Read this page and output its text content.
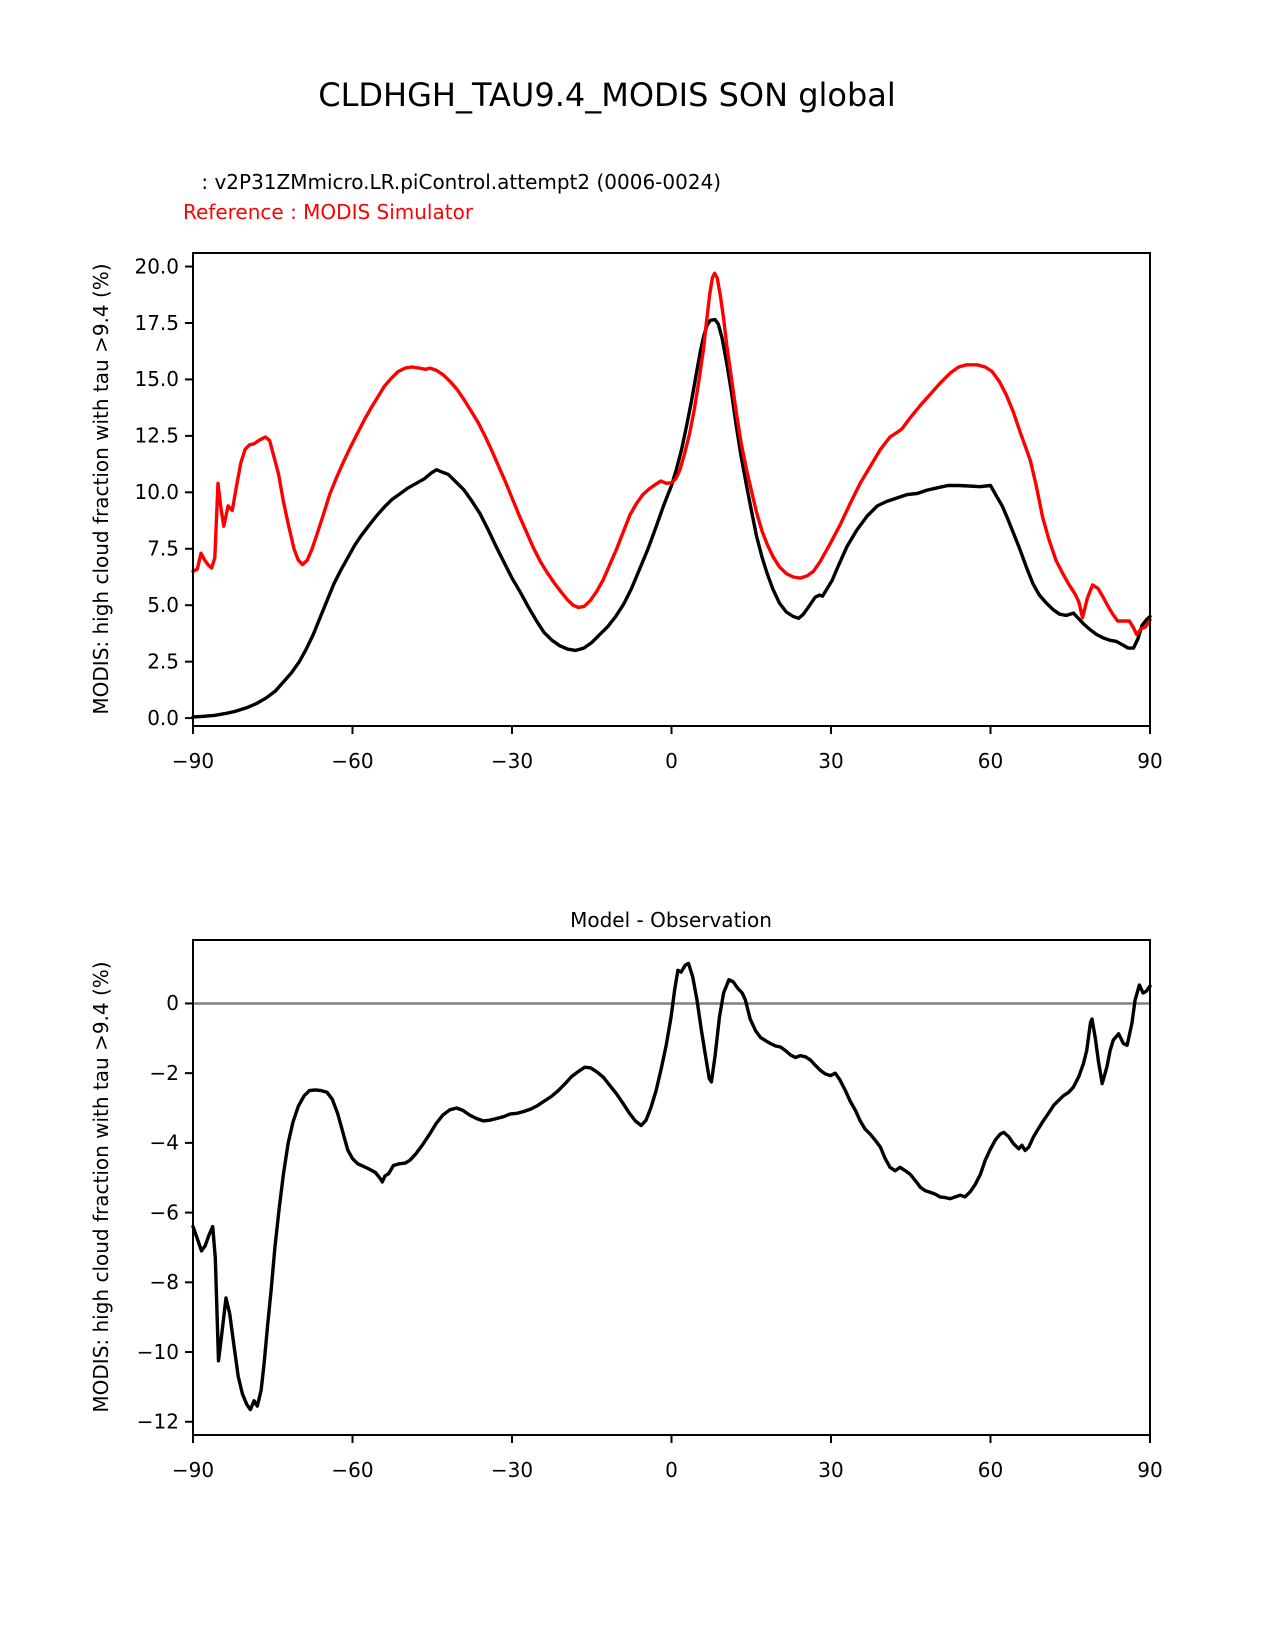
−90	−60	−30	0	30	60	90
0.0
2.5
5.0
7.5
10.0
12.5
15.0
17.5
20.0
−90	−60	−30	0	30	60	90
0
−2
−4
−6
−8
−10
−12
CLDHGH_TAU9.4_MODIS SON global
: v2P31ZMmicro.LR.piControl.attempt2 (0006-0024)
Reference : MODIS Simulator
MODIS: high cloud fraction with tau >9.4 (%)
Model - Observation
MODIS: high cloud fraction with tau >9.4 (%)
